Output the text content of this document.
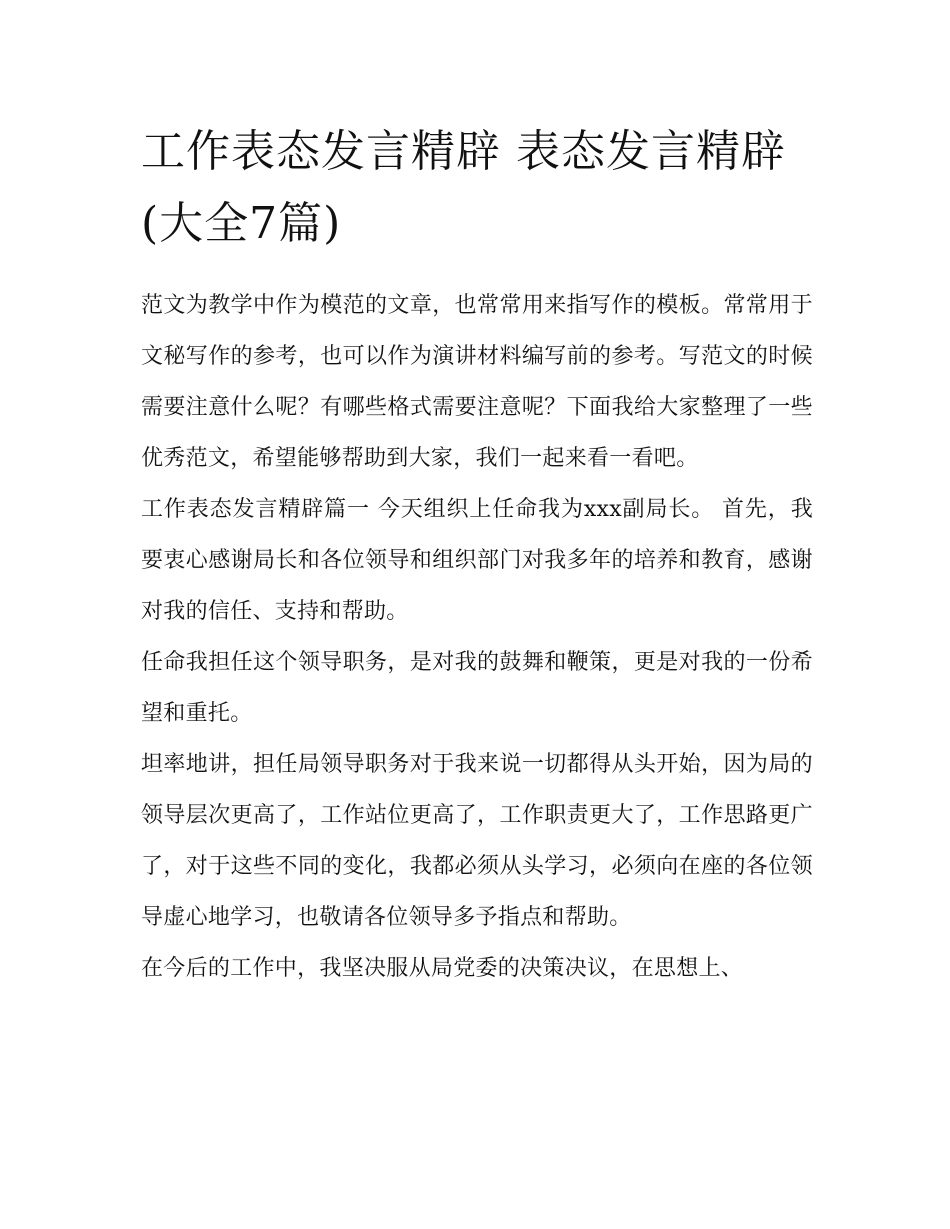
工作表态发言精辟 表态发言精辟(大全7篇)

范文为教学中作为模范的文章，也常常用来指写作的模板。常常用于文秘写作的参考，也可以作为演讲材料编写前的参考。写范文的时候需要注意什么呢？有哪些格式需要注意呢？下面我给大家整理了一些优秀范文，希望能够帮助到大家，我们一起来看一看吧。

工作表态发言精辟篇一 今天组织上任命我为xxx副局长。 首先，我要衷心感谢局长和各位领导和组织部门对我多年的培养和教育，感谢对我的信任、支持和帮助。

任命我担任这个领导职务，是对我的鼓舞和鞭策，更是对我的一份希望和重托。

坦率地讲，担任局领导职务对于我来说一切都得从头开始，因为局的领导层次更高了，工作站位更高了，工作职责更大了，工作思路更广了，对于这些不同的变化，我都必须从头学习，必须向在座的各位领导虚心地学习，也敬请各位领导多予指点和帮助。

在今后的工作中，我坚决服从局党委的决策决议，在思想上、
